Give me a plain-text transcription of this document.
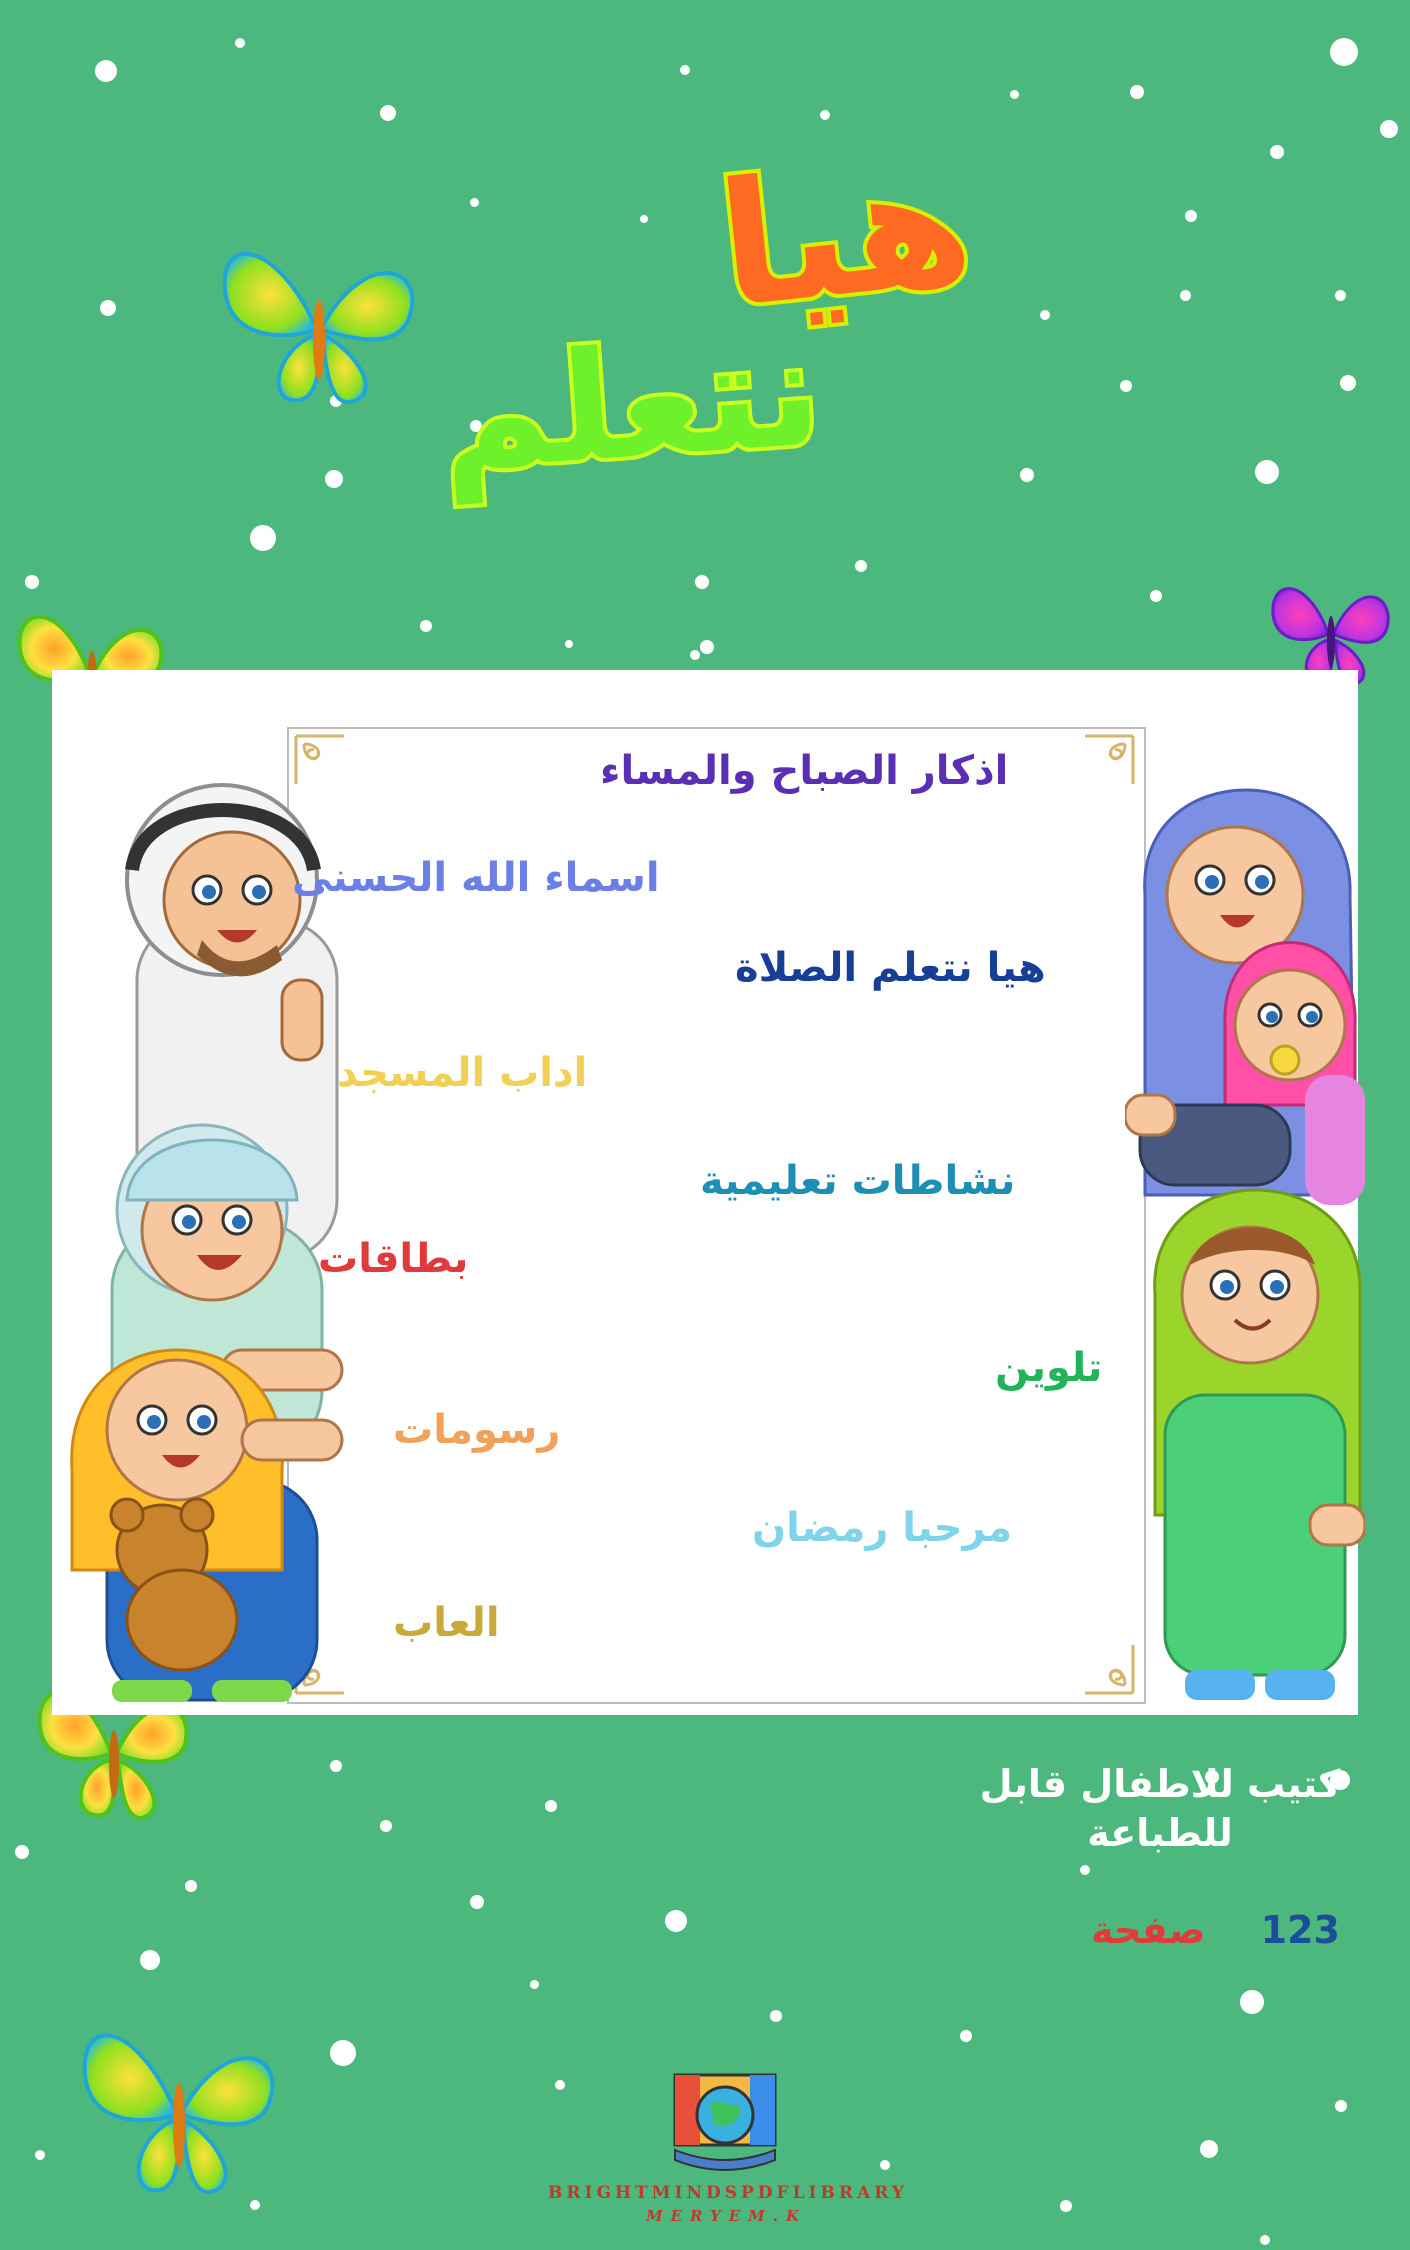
هيا
نتعلم
اذكار الصباح والمساء
اسماء الله الحسنى
هيا نتعلم الصلاة
اداب المسجد
نشاطات تعليمية
بطاقات
تلوين
رسومات
مرحبا رمضان
العاب
كتيب للاطفال قابل للطباعة
123 صفحة
BRIGHTMINDSPDFLIBRARY
MERYEM.K
